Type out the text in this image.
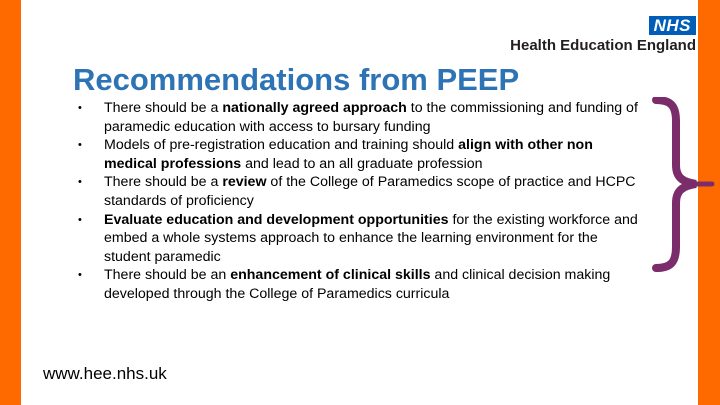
NHS
Health Education England
Recommendations from PEEP
• There should be a nationally agreed approach to the commissioning and funding of paramedic education with access to bursary funding
• Models of pre-registration education and training should align with other non medical professions and lead to an all graduate profession
• There should be a review of the College of Paramedics scope of practice and HCPC standards of proficiency
• Evaluate education and development opportunities for the existing workforce and embed a whole systems approach to enhance the learning environment for the student paramedic
• There should be an enhancement of clinical skills and clinical decision making developed through the College of Paramedics curricula
www.hee.nhs.uk
